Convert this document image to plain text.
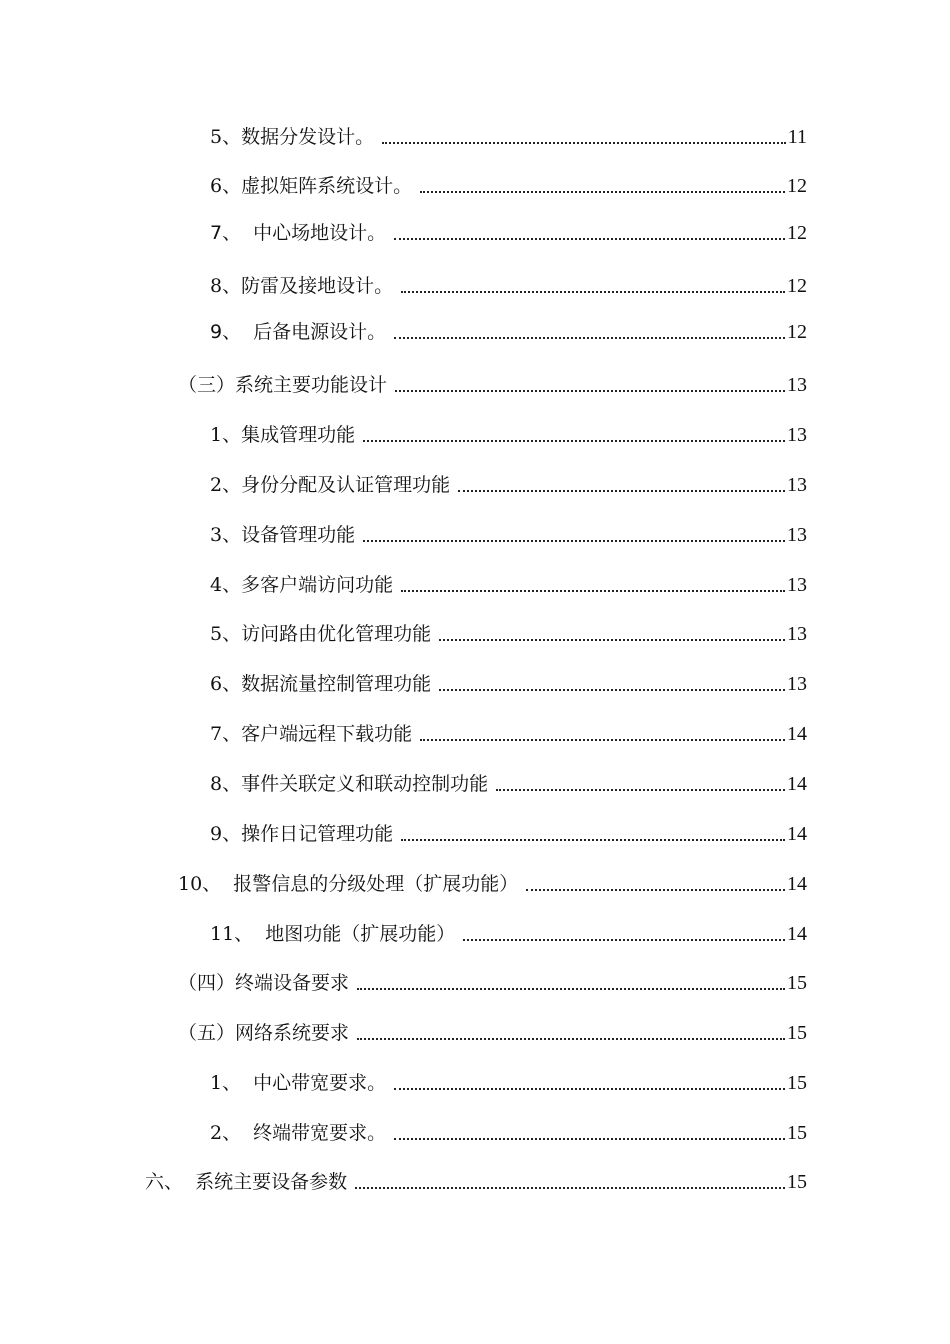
5、数据分发设计。	11
6、虚拟矩阵系统设计。	12
7、  中心场地设计。	12
8、防雷及接地设计。	12
9、  后备电源设计。	12
（三）系统主要功能设计	13
1、集成管理功能	13
2、身份分配及认证管理功能	13
3、设备管理功能	13
4、多客户端访问功能	13
5、访问路由优化管理功能	13
6、数据流量控制管理功能	13
7、客户端远程下载功能	14
8、事件关联定义和联动控制功能	14
9、操作日记管理功能	14
10、  报警信息的分级处理（扩展功能）	14
11、  地图功能（扩展功能）	14
（四）终端设备要求	15
（五）网络系统要求	15
1、  中心带宽要求。	15
2、  终端带宽要求。	15
六、  系统主要设备参数	15
